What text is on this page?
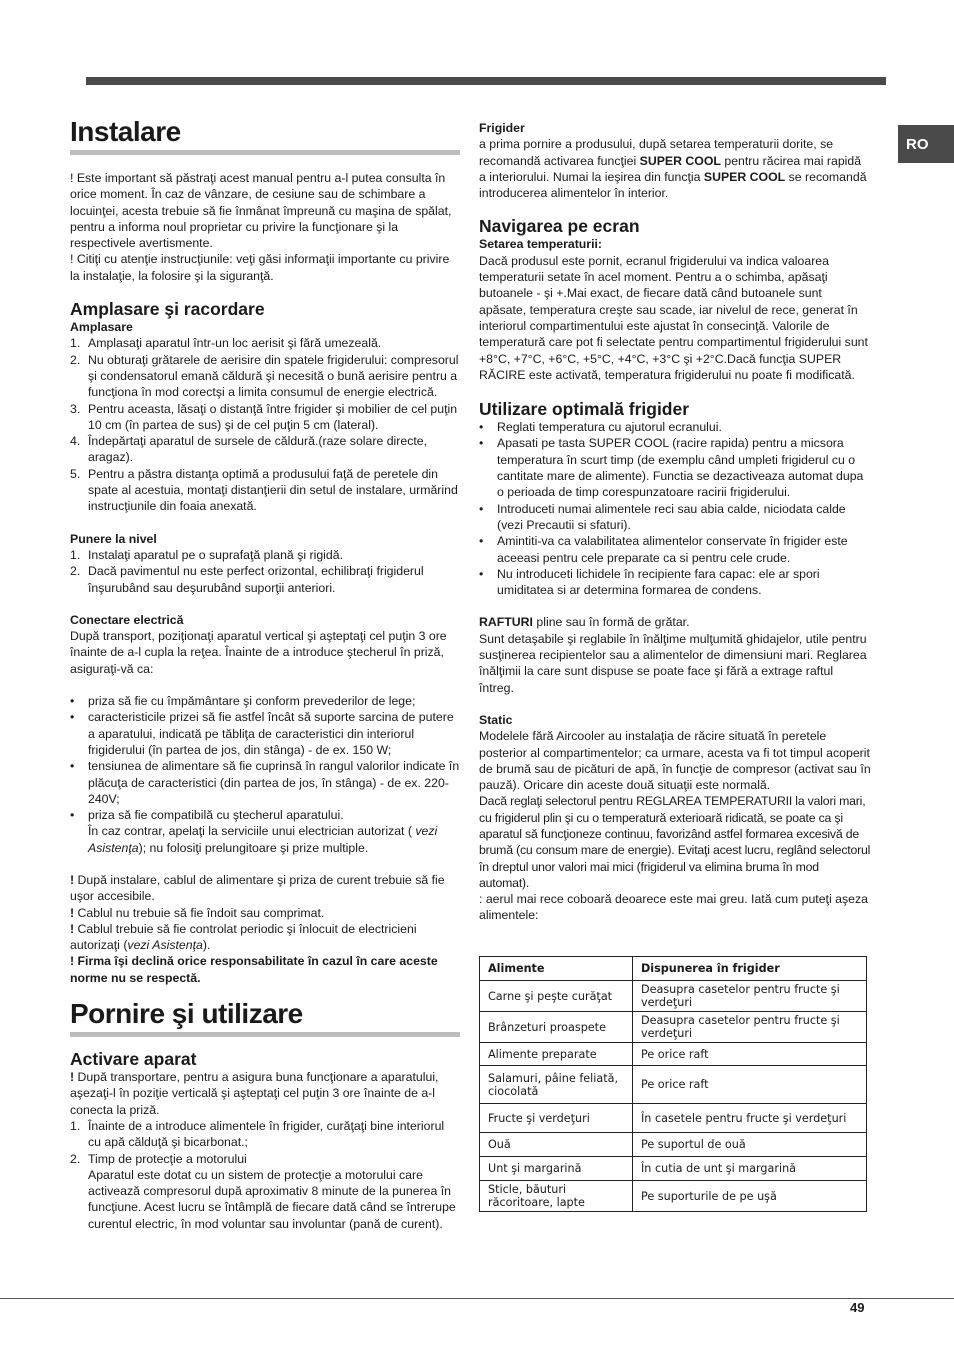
RO
Instalare

! Este important să păstraţi acest manual pentru a-l putea consulta în orice moment. În caz de vânzare, de cesiune sau de schimbare a locuinţei, acesta trebuie să fie înmânat împreună cu maşina de spălat, pentru a informa noul proprietar cu privire la funcţionare şi la respectivele avertismente.

! Citiţi cu atenţie instrucţiunile: veţi găsi informaţii importante cu privire la instalaţie, la folosire şi la siguranţă.

Amplasare şi racordare
Amplasare
1. Amplasaţi aparatul într-un loc aerisit şi fără umezeală.
2. Nu obturaţi grătarele de aerisire din spatele frigiderului: compresorul şi condensatorul emană căldură şi necesită o bună aerisire pentru a funcţiona în mod corectşi a limita consumul de energie electrică.
3. Pentru aceasta, lăsaţi o distanţă între frigider şi mobilier de cel puţin 10 cm (în partea de sus) şi de cel puţin 5 cm (lateral).
4. Îndepărtaţi aparatul de sursele de căldură.(raze solare directe, aragaz).
5. Pentru a păstra distanţa optimă a produsului faţă de peretele din spate al acestuia, montaţi distanţierii din setul de instalare, urmărind instrucţiunile din foaia anexată.
Punere la nivel
1. Instalaţi aparatul pe o suprafaţă plană şi rigidă.
2. Dacă pavimentul nu este perfect orizontal, echilibraţi frigiderul înşurubând sau deşurubând suporţii anteriori.
Conectare electrică

După transport, poziţionaţi aparatul vertical şi aşteptaţi cel puţin 3 ore înainte de a-l cupla la reţea. Înainte de a introduce ştecherul în priză, asiguraţi-vă ca:

• priza să fie cu împământare şi conform prevederilor de lege;
• caracteristicile prizei să fie astfel încât să suporte sarcina de putere a aparatului, indicată pe tăbliţa de caracteristici din interiorul frigiderului (în partea de jos, din stânga) - de ex. 150 W;
• tensiunea de alimentare să fie cuprinsă în rangul valorilor indicate în plăcuţa de caracteristici (din partea de jos, în stânga) - de ex. 220-240V;
• priza să fie compatibilă cu ştecherul aparatului.
În caz contrar, apelaţi la serviciile unui electrician autorizat ( vezi Asistenţa); nu folosiţi prelungitoare şi prize multiple.

! După instalare, cablul de alimentare şi priza de curent trebuie să fie uşor accesibile.

! Cablul nu trebuie să fie îndoit sau comprimat.

! Cablul trebuie să fie controlat periodic şi înlocuit de electricieni autorizaţi (vezi Asistenţa).

! Firma îşi declină orice responsabilitate în cazul în care aceste norme nu se respectă.

Pornire şi utilizare
Activare aparat

! După transportare, pentru a asigura buna funcţionare a aparatului, aşezaţi-l în poziţie verticală şi aşteptaţi cel puţin 3 ore înainte de a-l conecta la priză.

1. Înainte de a introduce alimentele în frigider, curăţaţi bine interiorul cu apă călduţă şi bicarbonat.;
2. Timp de protecţie a motorului

Aparatul este dotat cu un sistem de protecţie a motorului care activează compresorul după aproximativ 8 minute de la punerea în funcţiune. Acest lucru se întâmplă de fiecare dată când se întrerupe curentul electric, în mod voluntar sau involuntar (pană de curent).

Frigider

a prima pornire a produsului, după setarea temperaturii dorite, se recomandă activarea funcţiei SUPER COOL pentru răcirea mai rapidă a interiorului. Numai la ieşirea din funcţia SUPER COOL se recomandă introducerea alimentelor în interior.

Navigarea pe ecran
Setarea temperaturii:

Dacă produsul este pornit, ecranul frigiderului va indica valoarea temperaturii setate în acel moment. Pentru a o schimba, apăsaţi butoanele - şi +.Mai exact, de fiecare dată când butoanele sunt apăsate, temperatura creşte sau scade, iar nivelul de rece, generat în interiorul compartimentului este ajustat în consecinţă. Valorile de temperatură care pot fi selectate pentru compartimentul frigiderului sunt +8°C, +7°C, +6°C, +5°C, +4°C, +3°C şi +2°C.Dacă funcţia SUPER RĂCIRE este activată, temperatura frigiderului nu poate fi modificată.

Utilizare optimală frigider
• Reglati temperatura cu ajutorul ecranului.
• Apasati pe tasta SUPER COOL (racire rapida) pentru a micsora temperatura în scurt timp (de exemplu când umpleti frigiderul cu o cantitate mare de alimente). Functia se dezactiveaza automat dupa o perioada de timp corespunzatoare racirii frigiderului.
• Introduceti numai alimentele reci sau abia calde, niciodata calde (vezi Precautii si sfaturi).
• Amintiti-va ca valabilitatea alimentelor conservate în frigider este aceeasi pentru cele preparate ca si pentru cele crude.
• Nu introduceti lichidele în recipiente fara capac: ele ar spori umiditatea si ar determina formarea de condens.

RAFTURI pline sau în formă de grătar.

Sunt detaşabile şi reglabile în înălţime mulţumită ghidajelor, utile pentru susţinerea recipientelor sau a alimentelor de dimensiuni mari. Reglarea înălţimii la care sunt dispuse se poate face şi fără a extrage raftul întreg.

Static

Modelele fără Aircooler au instalaţia de răcire situată în peretele posterior al compartimentelor; ca urmare, acesta va fi tot timpul acoperit de brumă sau de picături de apă, în funcţie de compresor (activat sau în pauză). Oricare din aceste două situaţii este normală.

Dacă reglaţi selectorul pentru REGLAREA TEMPERATURII la valori mari, cu frigiderul plin şi cu o temperatură exterioară ridicată, se poate ca şi aparatul să funcţioneze continuu, favorizând astfel formarea excesivă de brumă (cu consum mare de energie). Evitaţi acest lucru, reglând selectorul în dreptul unor valori mai mici (frigiderul va elimina bruma în mod automat).

: aerul mai rece coboară deoarece este mai greu. Iată cum puteţi aşeza alimentele:

Alimente	Dispunerea în frigider
Carne şi peşte curăţat	Deasupra casetelor pentru fructe şi verdeţuri
Brânzeturi proaspete	Deasupra casetelor pentru fructe şi verdeţuri
Alimente preparate	Pe orice raft
Salamuri, pâine feliată, ciocolată	Pe orice raft
Fructe şi verdeţuri	În casetele pentru fructe şi verdeţuri
Ouă	Pe suportul de ouă
Unt şi margarină	În cutia de unt şi margarină
Sticle, băuturi răcoritoare, lapte	Pe suporturile de pe uşă
49
